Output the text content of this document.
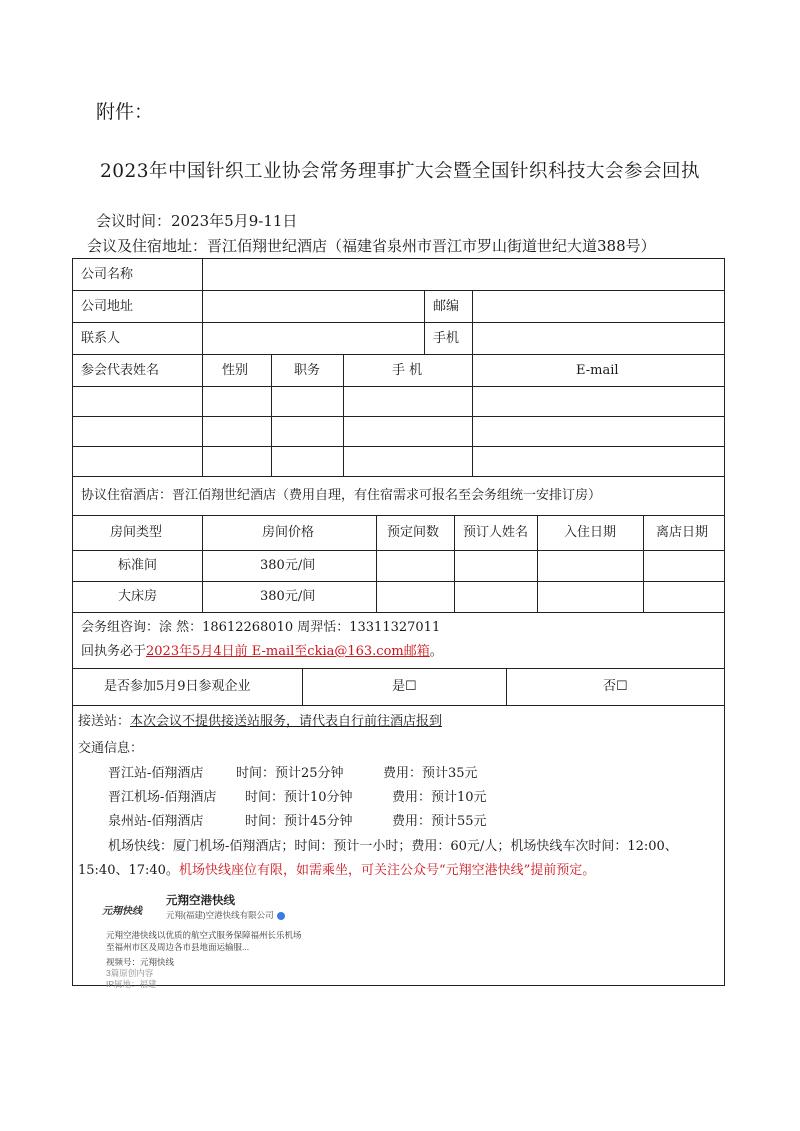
附件：
2023年中国针织工业协会常务理事扩大会暨全国针织科技大会参会回执
会议时间：2023年5月9-11日
会议及住宿地址：晋江佰翔世纪酒店（福建省泉州市晋江市罗山街道世纪大道388号）
公司名称
公司地址	邮编
联系人	手机
参会代表姓名	性别	职务	手 机	E-mail
协议住宿酒店：晋江佰翔世纪酒店（费用自理，有住宿需求可报名至会务组统一安排订房）
房间类型	房间价格	预定间数 预订人姓名	入住日期	离店日期
标准间	380元/间
大床房	380元/间
会务组咨询：涂 然：18612268010 周羿恬：13311327011
回执务必于2023年5月4日前 E-mail至ckia@163.com邮箱。
是否参加5月9日参观企业	是☐	否☐
接送站：本次会议不提供接送站服务，请代表自行前往酒店报到
交通信息：
晋江站-佰翔酒店	时间：预计25分钟	费用：预计35元
晋江机场-佰翔酒店 时间：预计10分钟	费用：预计10元
泉州站-佰翔酒店	时间：预计45分钟	费用：预计55元
机场快线：厦门机场-佰翔酒店；时间：预计一小时；费用：60元/人；机场快线车次时间：12:00、
15:40、17:40。机场快线座位有限，如需乘坐，可关注公众号“元翔空港快线”提前预定。
元翔快线
元翔空港快线
元翔(福建)空港快线有限公司
元翔空港快线以优质的航空式服务保障福州长乐机场至福州市区及周边各市县地面运输服...
视频号：元翔快线
3篇原创内容
IP属地：福建
